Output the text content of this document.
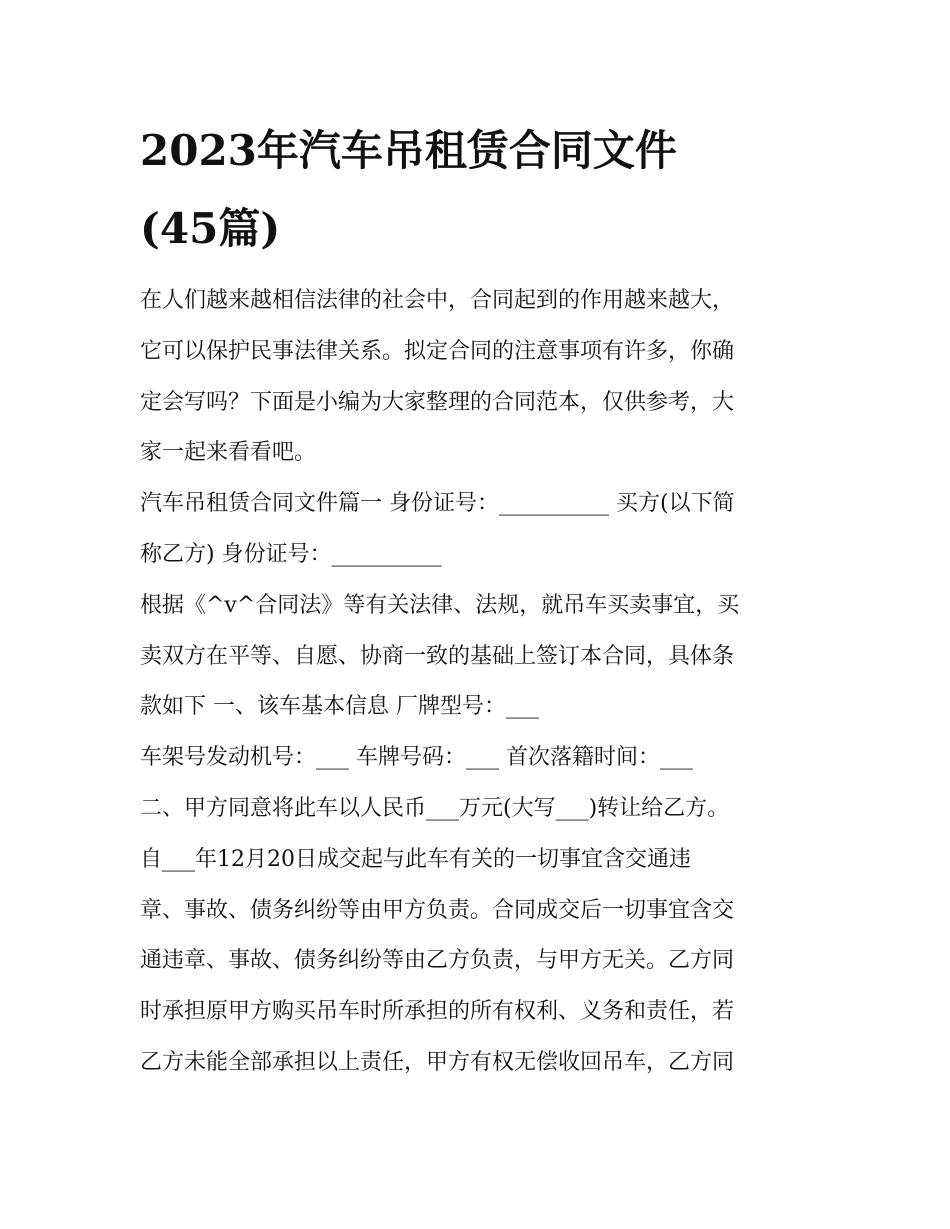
2023年汽车吊租赁合同文件
(45篇)
在人们越来越相信法律的社会中，合同起到的作用越来越大，
它可以保护民事法律关系。拟定合同的注意事项有许多，你确
定会写吗？下面是小编为大家整理的合同范本，仅供参考，大
家一起来看看吧。
汽车吊租赁合同文件篇一 身份证号：__________ 买方(以下简
称乙方) 身份证号：__________
根据《^v^合同法》等有关法律、法规，就吊车买卖事宜，买
卖双方在平等、自愿、协商一致的基础上签订本合同，具体条
款如下 一、该车基本信息 厂牌型号：___
车架号发动机号：___ 车牌号码：___ 首次落籍时间：___
二、甲方同意将此车以人民币___万元(大写___)转让给乙方。
自___年12月20日成交起与此车有关的一切事宜含交通违
章、事故、债务纠纷等由甲方负责。合同成交后一切事宜含交
通违章、事故、债务纠纷等由乙方负责，与甲方无关。乙方同
时承担原甲方购买吊车时所承担的所有权利、义务和责任，若
乙方未能全部承担以上责任，甲方有权无偿收回吊车，乙方同
